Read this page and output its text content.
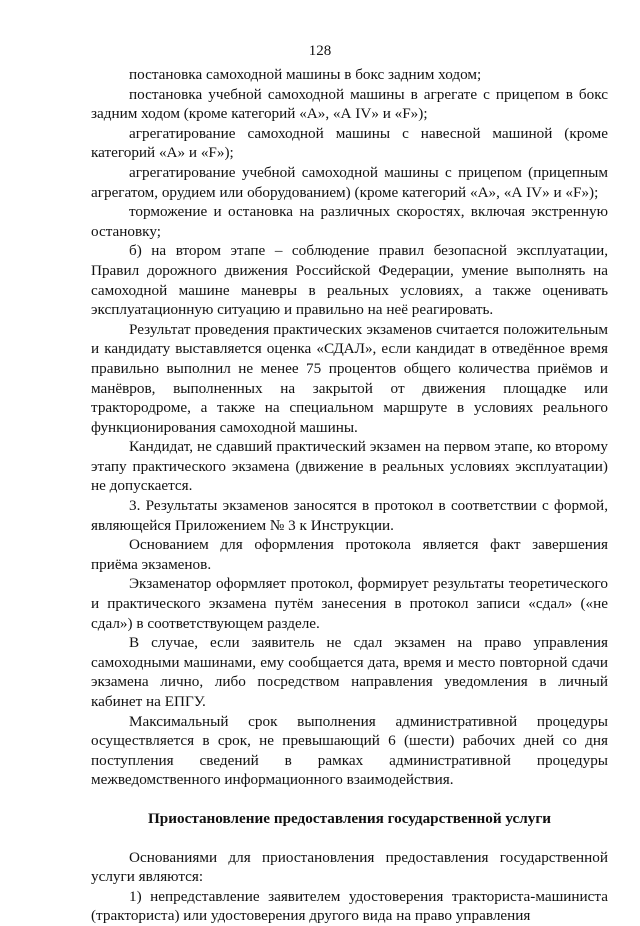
128

постановка самоходной машины в бокс задним ходом;

постановка учебной самоходной машины в агрегате с прицепом в бокс задним ходом (кроме категорий «А», «А IV» и «F»);

агрегатирование самоходной машины с навесной машиной (кроме категорий «А» и «F»);

агрегатирование учебной самоходной машины с прицепом (прицепным агрегатом, орудием или оборудованием) (кроме категорий «А», «А IV» и «F»);

торможение и остановка на различных скоростях, включая экстренную остановку;

б) на втором этапе – соблюдение правил безопасной эксплуатации, Правил дорожного движения Российской Федерации, умение выполнять на самоходной машине маневры в реальных условиях, а также оценивать эксплуатационную ситуацию и правильно на неё реагировать.

Результат проведения практических экзаменов считается положительным и кандидату выставляется оценка «СДАЛ», если кандидат в отведённое время правильно выполнил не менее 75 процентов общего количества приёмов и манёвров, выполненных на закрытой от движения площадке или трактородроме, а также на специальном маршруте в условиях реального функционирования самоходной машины.

Кандидат, не сдавший практический экзамен на первом этапе, ко второму этапу практического экзамена (движение в реальных условиях эксплуатации) не допускается.

3. Результаты экзаменов заносятся в протокол в соответствии с формой, являющейся Приложением № 3 к Инструкции.

Основанием для оформления протокола является факт завершения приёма экзаменов.

Экзаменатор оформляет протокол, формирует результаты теоретического и практического экзамена путём занесения в протокол записи «сдал» («не сдал») в соответствующем разделе.

В случае, если заявитель не сдал экзамен на право управления самоходными машинами, ему сообщается дата, время и место повторной сдачи экзамена лично, либо посредством направления уведомления в личный кабинет на ЕПГУ.

Максимальный срок выполнения административной процедуры осуществляется в срок, не превышающий 6 (шести) рабочих дней со дня поступления сведений в рамках административной процедуры межведомственного информационного взаимодействия.

Приостановление предоставления государственной услуги

Основаниями для приостановления предоставления государственной услуги являются:

1) непредставление заявителем удостоверения тракториста-машиниста (тракториста) или удостоверения другого вида на право управления
